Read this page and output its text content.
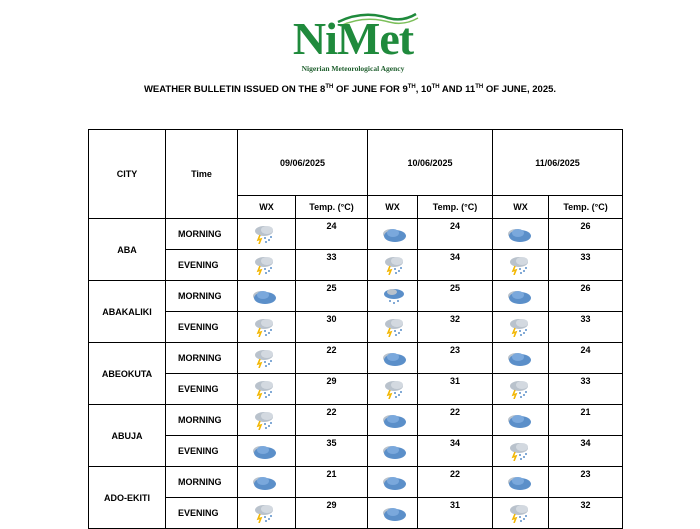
NiMet
Nigerian Meteorological Agency
WEATHER BULLETIN ISSUED ON THE 8TH OF JUNE FOR 9TH, 10TH AND 11TH OF JUNE, 2025.
CITY	Time	09/06/2025		10/06/2025		11/06/2025	
		WX	Temp. (°C)	WX	Temp. (°C)	WX	Temp. (°C)
ABA	MORNING		24		24		26
	EVENING		33		34		33
ABAKALIKI	MORNING		25		25		26
	EVENING		30		32		33
ABEOKUTA	MORNING		22		23		24
	EVENING		29		31		33
ABUJA	MORNING		22		22		21
	EVENING		35		34		34
ADO-EKITI	MORNING		21		22		23
	EVENING		29		31		32
